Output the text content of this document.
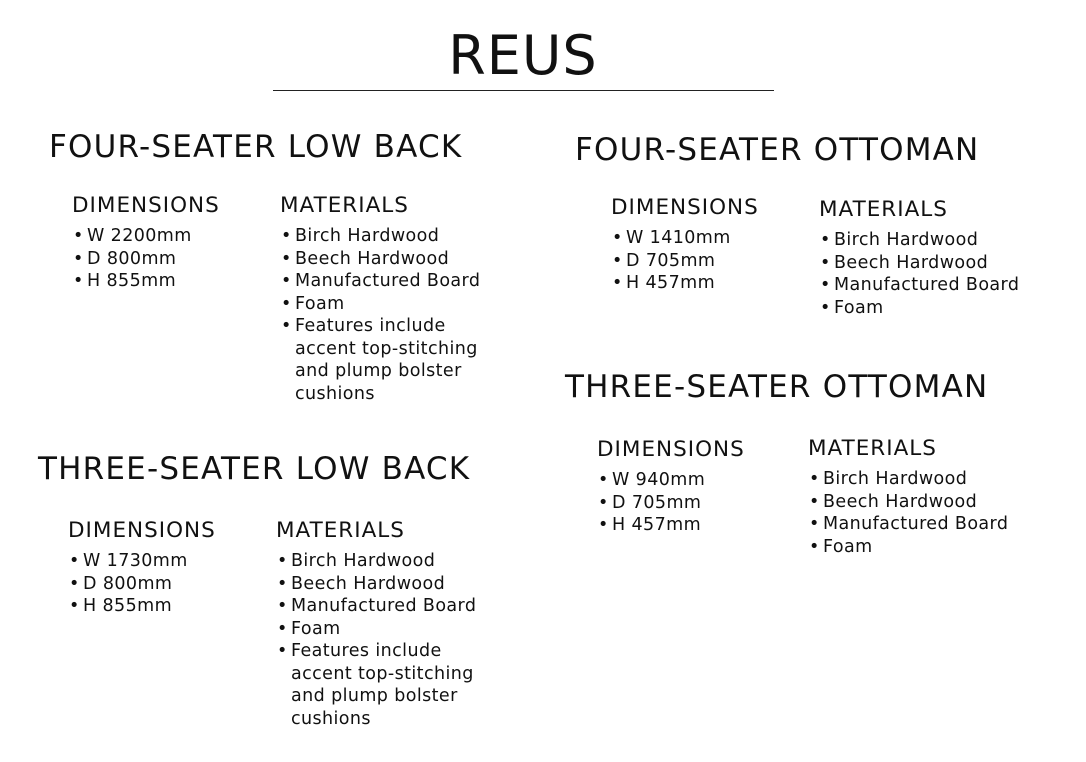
REUS
FOUR-SEATER LOW BACK
DIMENSIONS
• W 2200mm
• D 800mm
• H 855mm
MATERIALS
• Birch Hardwood
• Beech Hardwood
• Manufactured Board
• Foam
• Features include accent top-stitching and plump bolster cushions
FOUR-SEATER OTTOMAN
DIMENSIONS
• W 1410mm
• D 705mm
• H 457mm
MATERIALS
• Birch Hardwood
• Beech Hardwood
• Manufactured Board
• Foam
THREE-SEATER LOW BACK
DIMENSIONS
• W 1730mm
• D 800mm
• H 855mm
MATERIALS
• Birch Hardwood
• Beech Hardwood
• Manufactured Board
• Foam
• Features include accent top-stitching and plump bolster cushions
THREE-SEATER OTTOMAN
DIMENSIONS
• W 940mm
• D 705mm
• H 457mm
MATERIALS
• Birch Hardwood
• Beech Hardwood
• Manufactured Board
• Foam
